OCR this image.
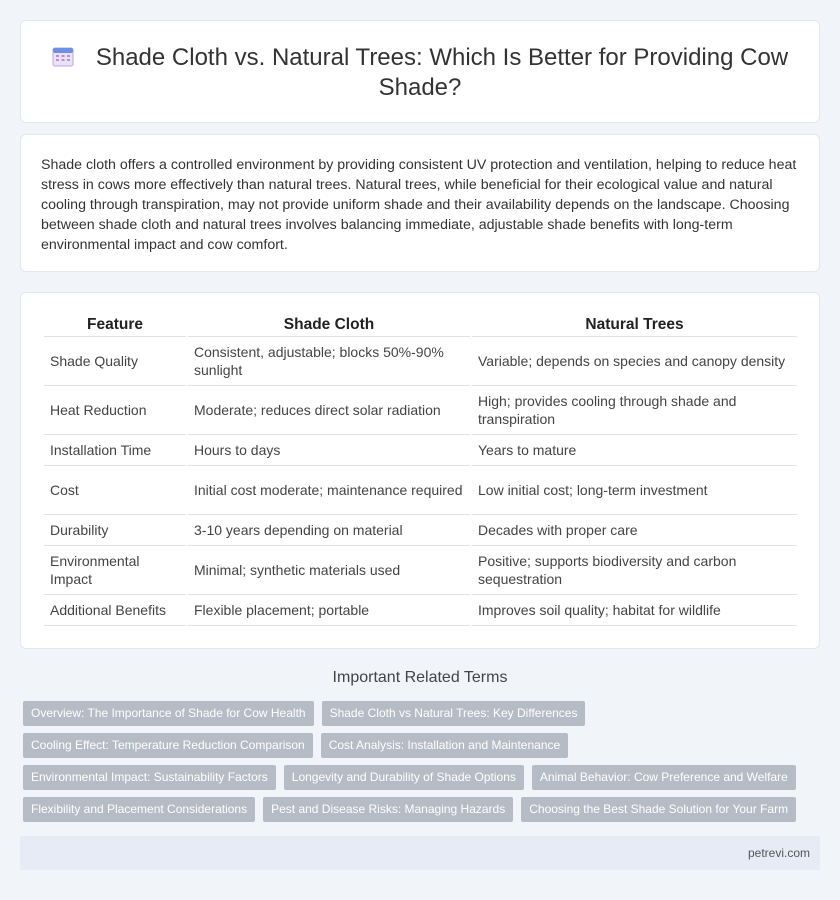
Shade Cloth vs. Natural Trees: Which Is Better for Providing Cow Shade?

Shade cloth offers a controlled environment by providing consistent UV protection and ventilation, helping to reduce heat stress in cows more effectively than natural trees. Natural trees, while beneficial for their ecological value and natural cooling through transpiration, may not provide uniform shade and their availability depends on the landscape. Choosing between shade cloth and natural trees involves balancing immediate, adjustable shade benefits with long-term environmental impact and cow comfort.

Feature	Shade Cloth	Natural Trees
Shade Quality	Consistent, adjustable; blocks 50%-90% sunlight	Variable; depends on species and canopy density
Heat Reduction	Moderate; reduces direct solar radiation	High; provides cooling through shade and transpiration
Installation Time	Hours to days	Years to mature
Cost	Initial cost moderate; maintenance required	Low initial cost; long-term investment
Durability	3-10 years depending on material	Decades with proper care
Environmental Impact	Minimal; synthetic materials used	Positive; supports biodiversity and carbon sequestration
Additional Benefits	Flexible placement; portable	Improves soil quality; habitat for wildlife
Important Related Terms
Overview: The Importance of Shade for Cow Health	Shade Cloth vs Natural Trees: Key Differences
Cooling Effect: Temperature Reduction Comparison	Cost Analysis: Installation and Maintenance
Environmental Impact: Sustainability Factors	Longevity and Durability of Shade Options	Animal Behavior: Cow Preference and Welfare
Flexibility and Placement Considerations	Pest and Disease Risks: Managing Hazards	Choosing the Best Shade Solution for Your Farm
petrevi.com
